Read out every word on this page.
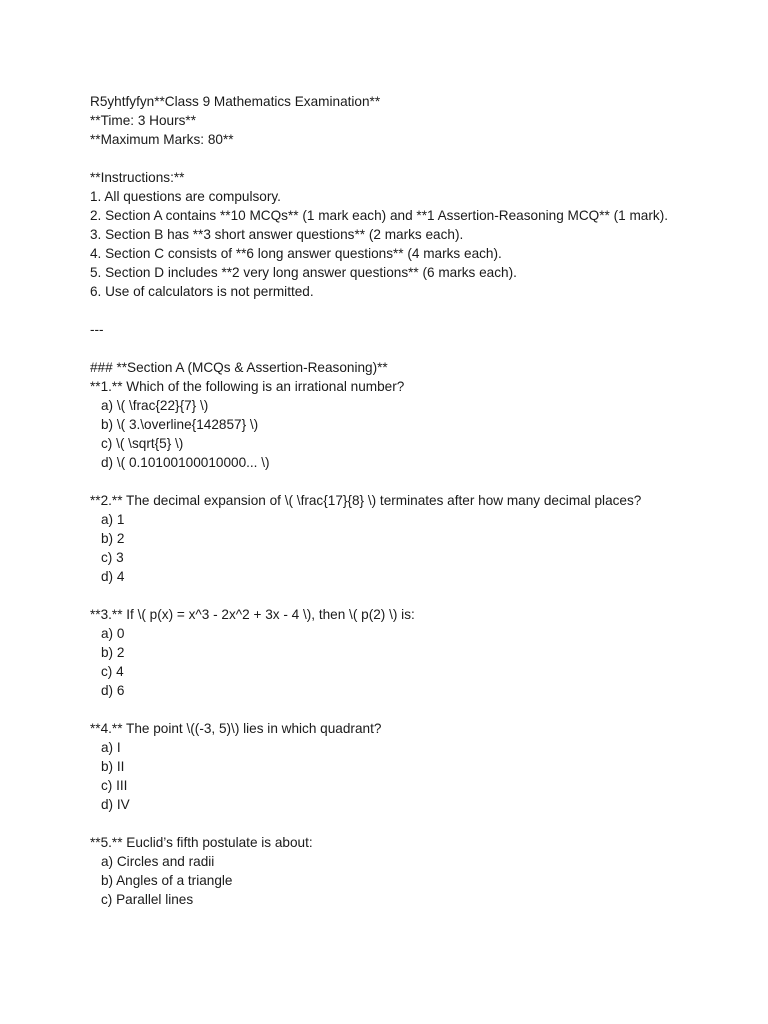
R5yhtfyfyn**Class 9 Mathematics Examination**
**Time: 3 Hours**
**Maximum Marks: 80**
**Instructions:**
1. All questions are compulsory.
2. Section A contains **10 MCQs** (1 mark each) and **1 Assertion-Reasoning MCQ** (1 mark).
3. Section B has **3 short answer questions** (2 marks each).
4. Section C consists of **6 long answer questions** (4 marks each).
5. Section D includes **2 very long answer questions** (6 marks each).
6. Use of calculators is not permitted.
---
### **Section A (MCQs & Assertion-Reasoning)**
**1.** Which of the following is an irrational number?
a) \( \frac{22}{7} \)
b) \( 3.\overline{142857} \)
c) \( \sqrt{5} \)
d) \( 0.10100100010000... \)
**2.** The decimal expansion of \( \frac{17}{8} \) terminates after how many decimal places?
a) 1
b) 2
c) 3
d) 4
**3.** If \( p(x) = x^3 - 2x^2 + 3x - 4 \), then \( p(2) \) is:
a) 0
b) 2
c) 4
d) 6
**4.** The point \((-3, 5)\) lies in which quadrant?
a) I
b) II
c) III
d) IV
**5.** Euclid’s fifth postulate is about:
a) Circles and radii
b) Angles of a triangle
c) Parallel lines
